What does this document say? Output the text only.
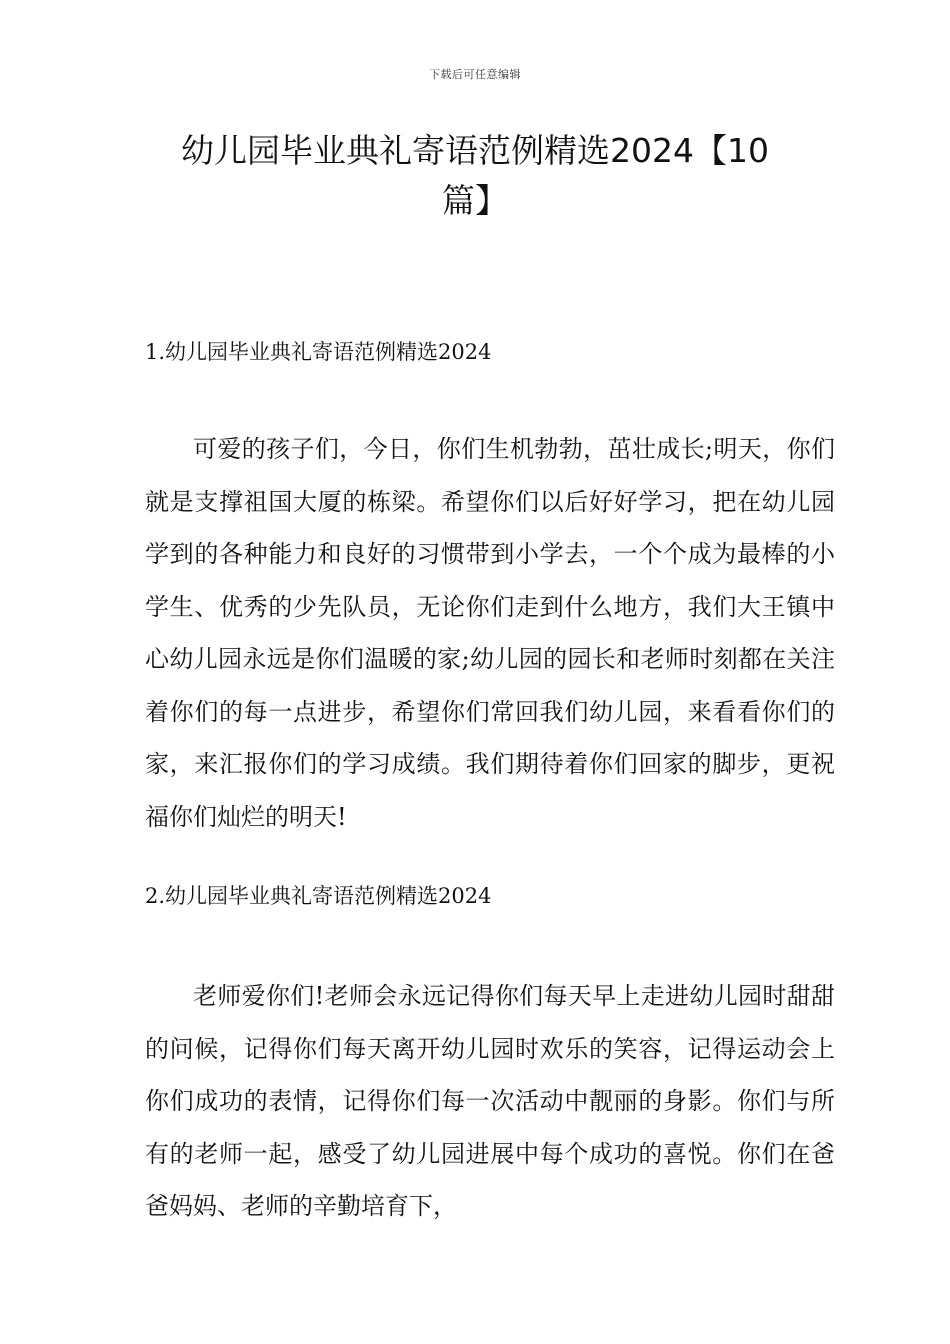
下载后可任意编辑
幼儿园毕业典礼寄语范例精选2024【10篇】
1.幼儿园毕业典礼寄语范例精选2024

可爱的孩子们，今日，你们生机勃勃，茁壮成长;明天，你们就是支撑祖国大厦的栋梁。希望你们以后好好学习，把在幼儿园学到的各种能力和良好的习惯带到小学去，一个个成为最棒的小学生、优秀的少先队员，无论你们走到什么地方，我们大王镇中心幼儿园永远是你们温暖的家;幼儿园的园长和老师时刻都在关注着你们的每一点进步，希望你们常回我们幼儿园，来看看你们的家，来汇报你们的学习成绩。我们期待着你们回家的脚步，更祝福你们灿烂的明天!

2.幼儿园毕业典礼寄语范例精选2024

老师爱你们!老师会永远记得你们每天早上走进幼儿园时甜甜的问候，记得你们每天离开幼儿园时欢乐的笑容，记得运动会上你们成功的表情，记得你们每一次活动中靓丽的身影。你们与所有的老师一起，感受了幼儿园进展中每个成功的喜悦。你们在爸爸妈妈、老师的辛勤培育下，
